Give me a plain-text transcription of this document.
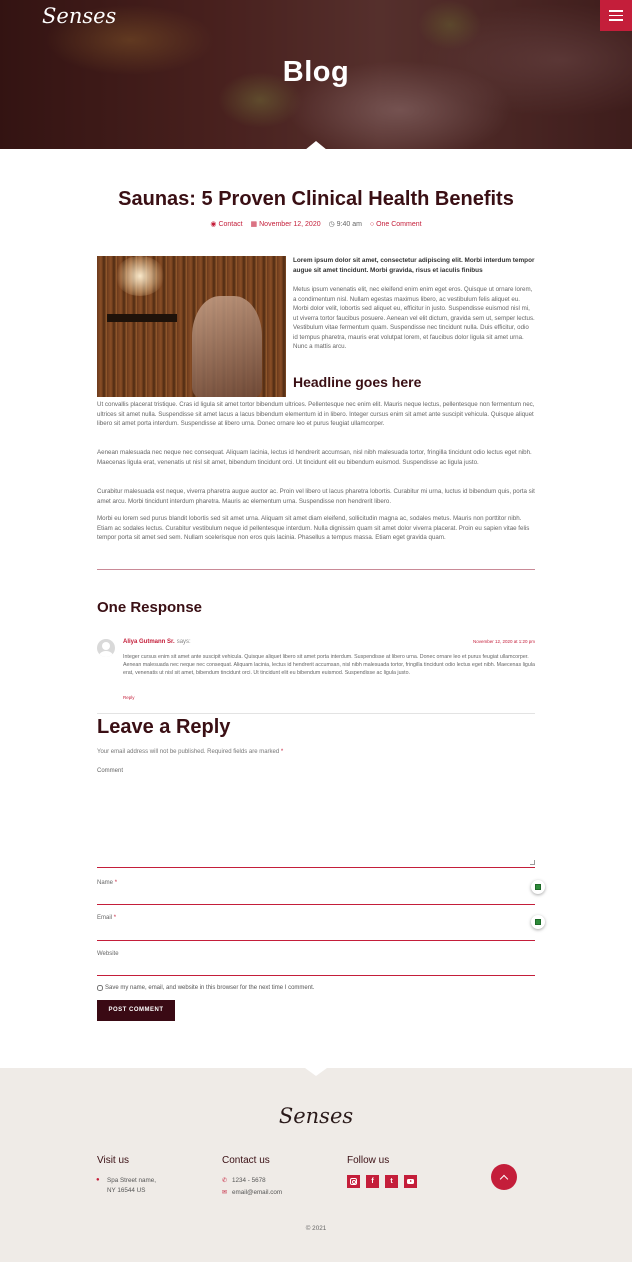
Senses
Blog
Saunas: 5 Proven Clinical Health Benefits
◉ Contact ▦ November 12, 2020 ◷ 9:40 am ○ One Comment

Lorem ipsum dolor sit amet, consectetur adipiscing elit. Morbi interdum tempor augue sit amet tincidunt. Morbi gravida, risus et iaculis finibus

Metus ipsum venenatis elit, nec eleifend enim enim eget eros. Quisque ut ornare lorem, a condimentum nisl. Nullam egestas maximus libero, ac vestibulum felis aliquet eu. Morbi dolor velit, lobortis sed aliquet eu, efficitur in justo. Suspendisse euismod nisl mi, ut viverra tortor faucibus posuere. Aenean vel elit dictum, gravida sem ut, semper lectus. Vestibulum vitae fermentum quam. Suspendisse nec tincidunt nulla. Duis efficitur, odio id tempus pharetra, mauris erat volutpat lorem, et faucibus dolor ligula sit amet urna. Nunc a mattis arcu.

Headline goes here

Ut convallis placerat tristique. Cras id ligula sit amet tortor bibendum ultrices. Pellentesque nec enim elit. Mauris neque lectus, pellentesque non fermentum nec, ultrices sit amet nulla. Suspendisse sit amet lacus a lacus bibendum elementum id in libero. Integer cursus enim sit amet ante suscipit vehicula. Quisque aliquet libero sit amet porta interdum. Suspendisse at libero urna. Donec ornare leo et purus feugiat ullamcorper.

Aenean malesuada nec neque nec consequat. Aliquam lacinia, lectus id hendrerit accumsan, nisl nibh malesuada tortor, fringilla tincidunt odio lectus eget nibh. Maecenas ligula erat, venenatis ut nisl sit amet, bibendum tincidunt orci. Ut tincidunt elit eu bibendum euismod. Suspendisse ac ligula justo.

Curabitur malesuada est neque, viverra pharetra augue auctor ac. Proin vel libero ut lacus pharetra lobortis. Curabitur mi urna, luctus id bibendum quis, porta sit amet arcu. Morbi tincidunt interdum pharetra. Mauris ac elementum urna. Suspendisse non hendrerit libero.

Morbi eu lorem sed purus blandit lobortis sed sit amet urna. Aliquam sit amet diam eleifend, sollicitudin magna ac, sodales metus. Mauris non porttitor nibh. Etiam ac sodales lectus. Curabitur vestibulum neque id pellentesque interdum. Nulla dignissim quam sit amet dolor viverra placerat. Proin eu sapien vitae felis tempor porta sit amet sed sem. Nullam scelerisque non eros quis lacinia. Phasellus a tempus massa. Etiam eget gravida quam.

One Response
Aliya Gutmann Sr. says:	November 12, 2020 at 1:20 pm

Integer cursus enim sit amet ante suscipit vehicula. Quisque aliquet libero sit amet porta interdum. Suspendisse at libero urna. Donec ornare leo et purus feugiat ullamcorper. Aenean malesuada nec neque nec consequat. Aliquam lacinia, lectus id hendrerit accumsan, nisl nibh malesuada tortor, fringilla tincidunt odio lectus eget nibh. Maecenas ligula erat, venenatis ut nisl sit amet, bibendum tincidunt orci. Ut tincidunt elit eu bibendum euismod. Suspendisse ac ligula justo.

Reply
Leave a Reply
Your email address will not be published. Required fields are marked *
Comment
Name *
Email *
Website
Save my name, email, and website in this browser for the next time I comment.
POST COMMENT
Senses
Visit us
● Spa Street name,
NY 16544 US
Contact us
✆ 1234 - 5678
✉ email@email.com
Follow us
f t
© 2021
